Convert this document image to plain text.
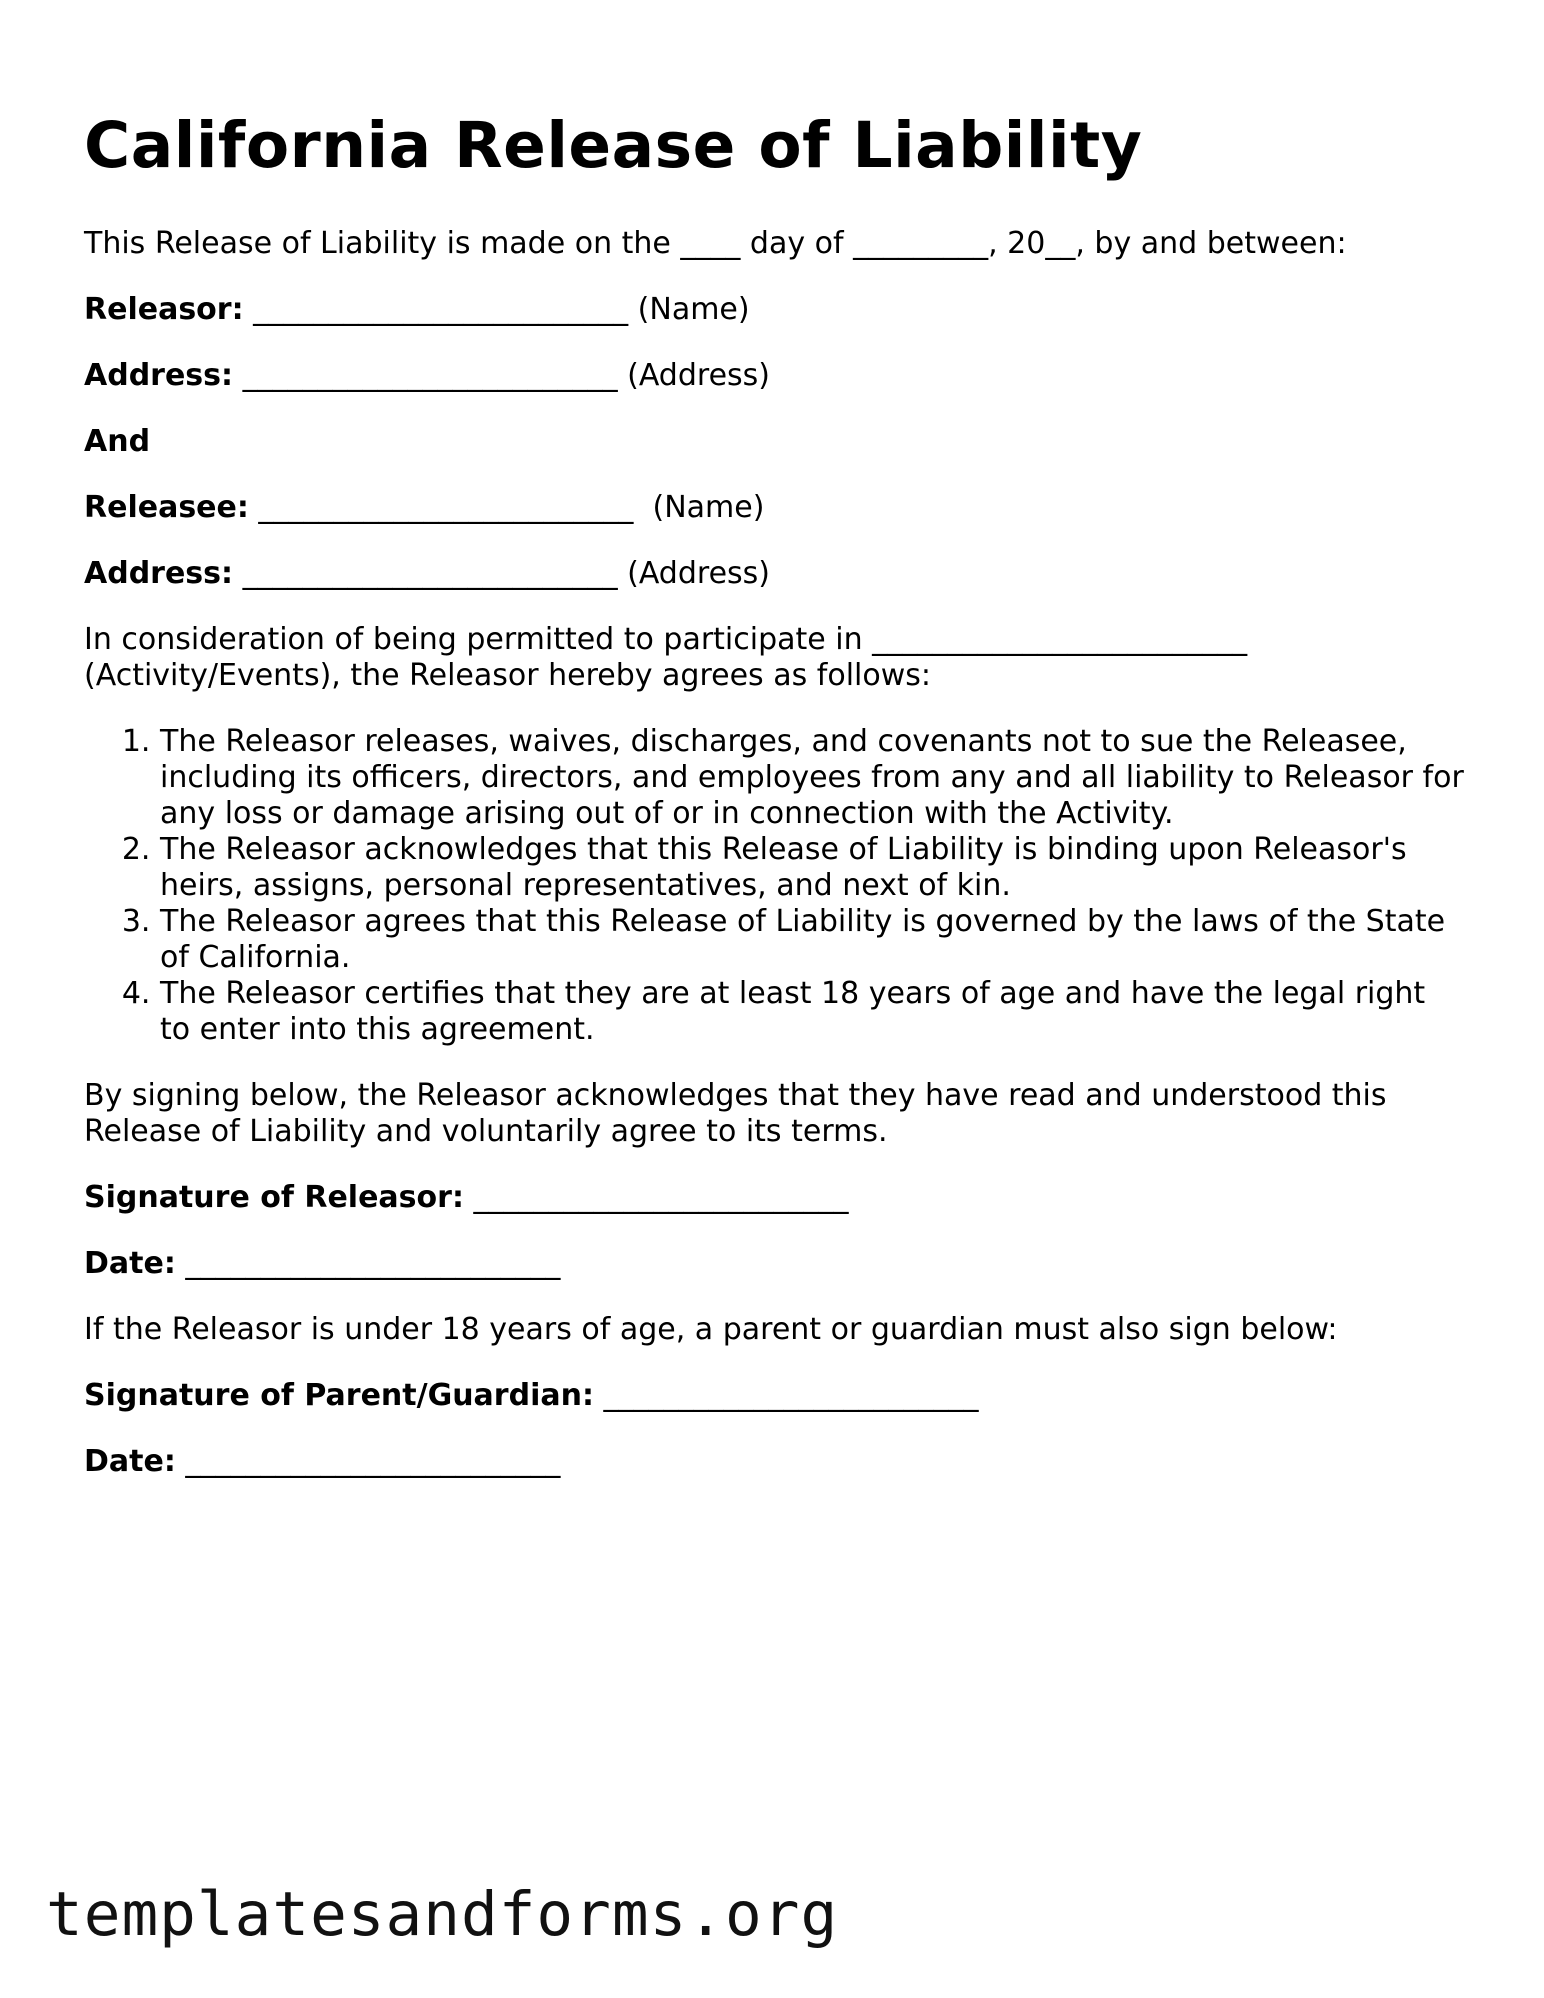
California Release of Liability

This Release of Liability is made on the ____ day of _________, 20__, by and between:

Releasor: _________________________ (Name)

Address: _________________________ (Address)

And

Releasee: _________________________  (Name)

Address: _________________________ (Address)

In consideration of being permitted to participate in _________________________ (Activity/Events), the Releasor hereby agrees as follows:

1. The Releasor releases, waives, discharges, and covenants not to sue the Releasee, including its officers, directors, and employees from any and all liability to Releasor for any loss or damage arising out of or in connection with the Activity.
2. The Releasor acknowledges that this Release of Liability is binding upon Releasor's heirs, assigns, personal representatives, and next of kin.
3. The Releasor agrees that this Release of Liability is governed by the laws of the State of California.
4. The Releasor certifies that they are at least 18 years of age and have the legal right to enter into this agreement.

By signing below, the Releasor acknowledges that they have read and understood this Release of Liability and voluntarily agree to its terms.

Signature of Releasor: _________________________

Date: _________________________

If the Releasor is under 18 years of age, a parent or guardian must also sign below:

Signature of Parent/Guardian: _________________________

Date: _________________________

templatesandforms.org
